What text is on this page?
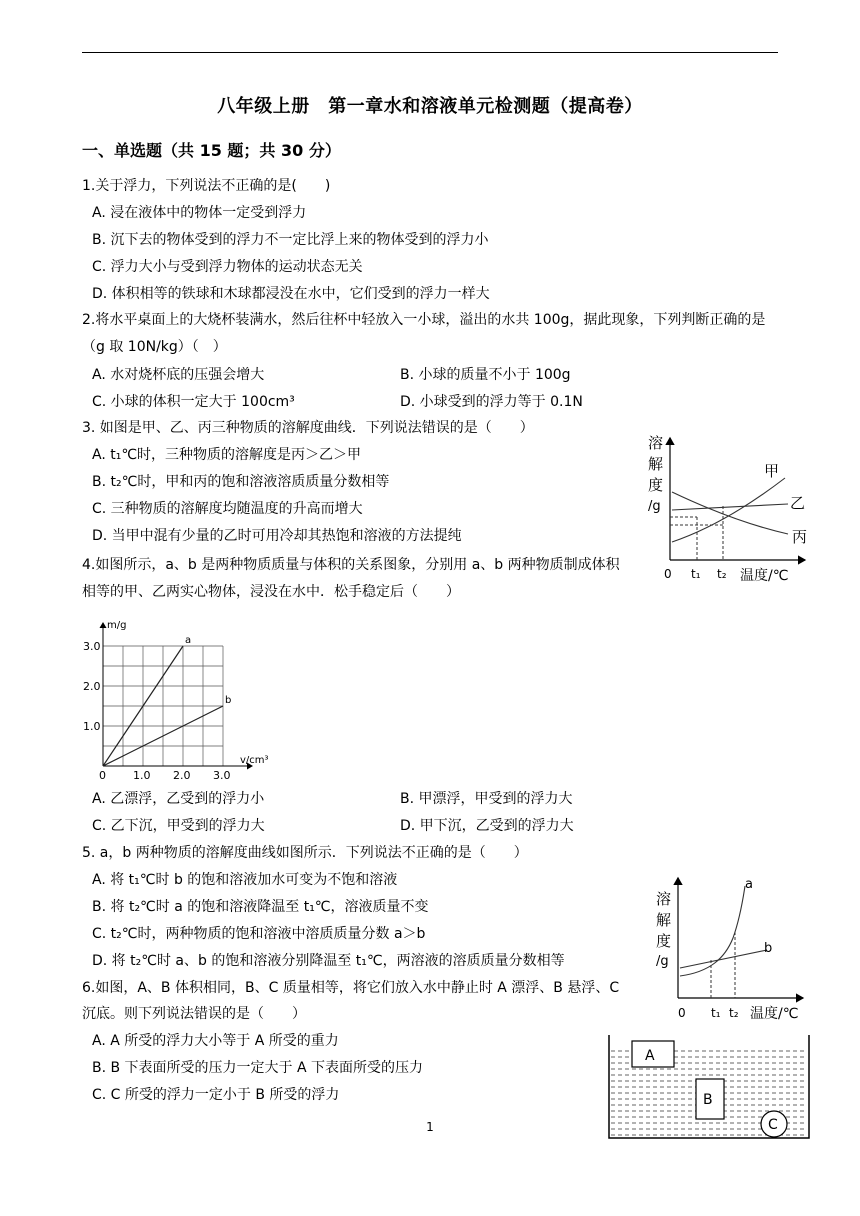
八年级上册　第一章水和溶液单元检测题（提高卷）
一、单选题（共 15 题；共 30 分）
1.关于浮力，下列说法不正确的是(　　)
A. 浸在液体中的物体一定受到浮力
B. 沉下去的物体受到的浮力不一定比浮上来的物体受到的浮力小
C. 浮力大小与受到浮力物体的运动状态无关
D. 体积相等的铁球和木球都浸没在水中，它们受到的浮力一样大
2.将水平桌面上的大烧杯装满水，然后往杯中轻放入一小球，溢出的水共 100g，据此现象，下列判断正确的是（g 取 10N/kg）（　）
A. 水对烧杯底的压强会增大	B. 小球的质量不小于 100g
C. 小球的体积一定大于 100cm³	D. 小球受到的浮力等于 0.1N
3. 如图是甲、乙、丙三种物质的溶解度曲线．下列说法错误的是（　　）
A. t₁℃时，三种物质的溶解度是丙＞乙＞甲
B. t₂℃时，甲和丙的饱和溶液溶质质量分数相等
C. 三种物质的溶解度均随温度的升高而增大
D. 当甲中混有少量的乙时可用冷却其热饱和溶液的方法提纯
溶
解
度
/g
甲
乙
丙
0 t₁ t₂ 温度/℃
4.如图所示，a、b 是两种物质质量与体积的关系图象，分别用 a、b 两种物质制成体积
相等的甲、乙两实心物体，浸没在水中．松手稳定后（　　）
m/g
v/cm³
0 1.0 2.0 3.0
1.0
2.0
3.0	a
b
A. 乙漂浮，乙受到的浮力小	B. 甲漂浮，甲受到的浮力大
C. 乙下沉，甲受到的浮力大	D. 甲下沉，乙受到的浮力大
5. a，b 两种物质的溶解度曲线如图所示．下列说法不正确的是（　　）
A. 将 t₁℃时 b 的饱和溶液加水可变为不饱和溶液
B. 将 t₂℃时 a 的饱和溶液降温至 t₁℃，溶液质量不变
C. t₂℃时，两种物质的饱和溶液中溶质质量分数 a＞b
D. 将 t₂℃时 a、b 的饱和溶液分别降温至 t₁℃，两溶液的溶质质量分数相等
溶
解
度
/g
a
b
0 t₁ t₂ 温度/℃
6.如图，A、B 体积相同，B、C 质量相等，将它们放入水中静止时 A 漂浮、B 悬浮、C
沉底。则下列说法错误的是（　　）
A. A 所受的浮力大小等于 A 所受的重力
B. B 下表面所受的压力一定大于 A 下表面所受的压力
C. C 所受的浮力一定小于 B 所受的浮力
A
B
C
1
